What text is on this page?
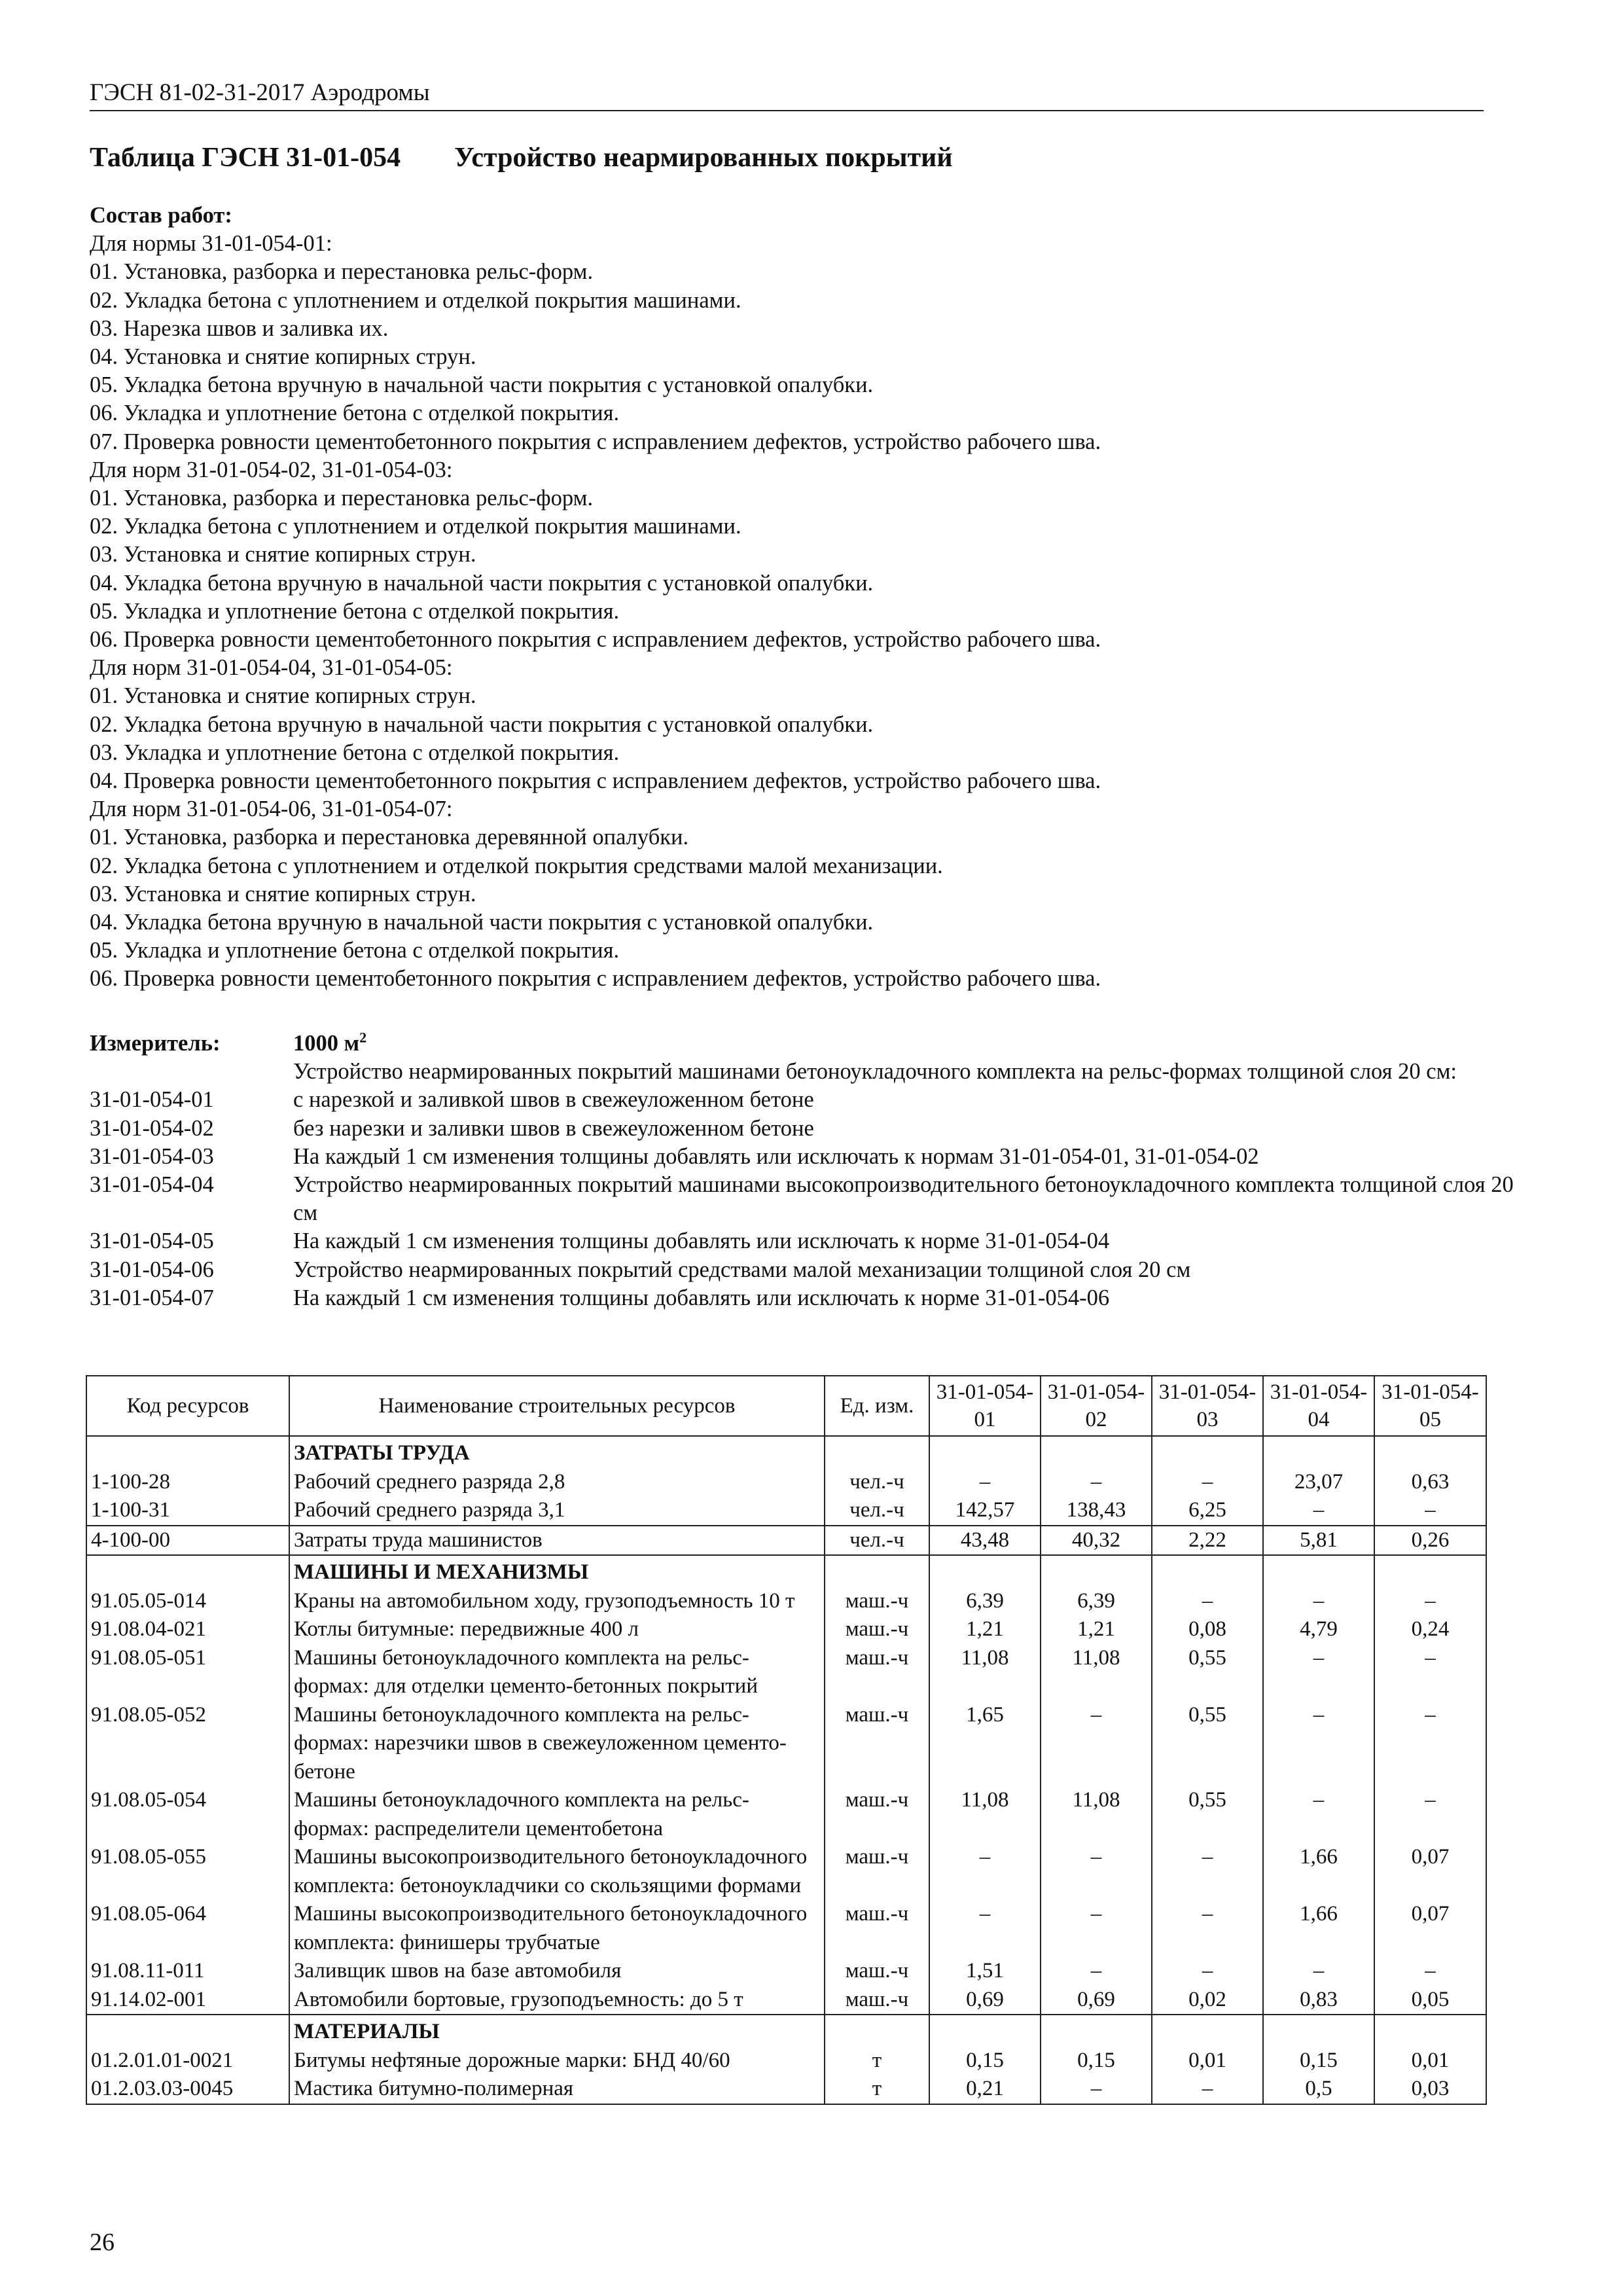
ГЭСН 81-02-31-2017 Аэродромы
Таблица ГЭСН 31-01-054 Устройство неармированных покрытий
Состав работ:
Для нормы 31-01-054-01:
01. Установка, разборка и перестановка рельс-форм.
02. Укладка бетона с уплотнением и отделкой покрытия машинами.
03. Нарезка швов и заливка их.
04. Установка и снятие копирных струн.
05. Укладка бетона вручную в начальной части покрытия с установкой опалубки.
06. Укладка и уплотнение бетона с отделкой покрытия.
07. Проверка ровности цементобетонного покрытия с исправлением дефектов, устройство рабочего шва.
Для норм 31-01-054-02, 31-01-054-03:
01. Установка, разборка и перестановка рельс-форм.
02. Укладка бетона с уплотнением и отделкой покрытия машинами.
03. Установка и снятие копирных струн.
04. Укладка бетона вручную в начальной части покрытия с установкой опалубки.
05. Укладка и уплотнение бетона с отделкой покрытия.
06. Проверка ровности цементобетонного покрытия с исправлением дефектов, устройство рабочего шва.
Для норм 31-01-054-04, 31-01-054-05:
01. Установка и снятие копирных струн.
02. Укладка бетона вручную в начальной части покрытия с установкой опалубки.
03. Укладка и уплотнение бетона с отделкой покрытия.
04. Проверка ровности цементобетонного покрытия с исправлением дефектов, устройство рабочего шва.
Для норм 31-01-054-06, 31-01-054-07:
01. Установка, разборка и перестановка деревянной опалубки.
02. Укладка бетона с уплотнением и отделкой покрытия средствами малой механизации.
03. Установка и снятие копирных струн.
04. Укладка бетона вручную в начальной части покрытия с установкой опалубки.
05. Укладка и уплотнение бетона с отделкой покрытия.
06. Проверка ровности цементобетонного покрытия с исправлением дефектов, устройство рабочего шва.
Измеритель:	1000 $м^2$
Устройство неармированных покрытий машинами бетоноукладочного комплекта на рельс-формах толщиной слоя 20 см:
31-01-054-01	с нарезкой и заливкой швов в свежеуложенном бетоне
31-01-054-02	без нарезки и заливки швов в свежеуложенном бетоне
31-01-054-03	На каждый 1 см изменения толщины добавлять или исключать к нормам 31-01-054-01, 31-01-054-02
31-01-054-04	Устройство неармированных покрытий машинами высокопроизводительного бетоноукладочного комплекта толщиной слоя 20 см
31-01-054-05	На каждый 1 см изменения толщины добавлять или исключать к норме 31-01-054-04
31-01-054-06	Устройство неармированных покрытий средствами малой механизации толщиной слоя 20 см
31-01-054-07	На каждый 1 см изменения толщины добавлять или исключать к норме 31-01-054-06
Код ресурсов	Наименование строительных ресурсов	Ед. изм.	31-01-054-01	31-01-054-02	31-01-054-03	31-01-054-04	31-01-054-05
	ЗАТРАТЫ ТРУДА						
1-100-28	Рабочий среднего разряда 2,8	чел.-ч	–	–	–	23,07	0,63
1-100-31	Рабочий среднего разряда 3,1	чел.-ч	142,57	138,43	6,25	–	–
4-100-00	Затраты труда машинистов	чел.-ч	43,48	40,32	2,22	5,81	0,26
	МАШИНЫ И МЕХАНИЗМЫ						
91.05.05-014	Краны на автомобильном ходу, грузоподъемность 10 т	маш.-ч	6,39	6,39	–	–	–
91.08.04-021	Котлы битумные: передвижные 400 л	маш.-ч	1,21	1,21	0,08	4,79	0,24
91.08.05-051	Машины бетоноукладочного комплекта на рельс-формах: для отделки цементо-бетонных покрытий	маш.-ч	11,08	11,08	0,55	–	–
91.08.05-052	Машины бетоноукладочного комплекта на рельс-формах: нарезчики швов в свежеуложенном цементо-бетоне	маш.-ч	1,65	–	0,55	–	–
91.08.05-054	Машины бетоноукладочного комплекта на рельс-формах: распределители цементобетона	маш.-ч	11,08	11,08	0,55	–	–
91.08.05-055	Машины высокопроизводительного бетоноукладочного комплекта: бетоноукладчики со скользящими формами	маш.-ч	–	–	–	1,66	0,07
91.08.05-064	Машины высокопроизводительного бетоноукладочного комплекта: финишеры трубчатые	маш.-ч	–	–	–	1,66	0,07
91.08.11-011	Заливщик швов на базе автомобиля	маш.-ч	1,51	–	–	–	–
91.14.02-001	Автомобили бортовые, грузоподъемность: до 5 т	маш.-ч	0,69	0,69	0,02	0,83	0,05
	МАТЕРИАЛЫ						
01.2.01.01-0021	Битумы нефтяные дорожные марки: БНД 40/60	т	0,15	0,15	0,01	0,15	0,01
01.2.03.03-0045	Мастика битумно-полимерная	т	0,21	–	–	0,5	0,03
26
